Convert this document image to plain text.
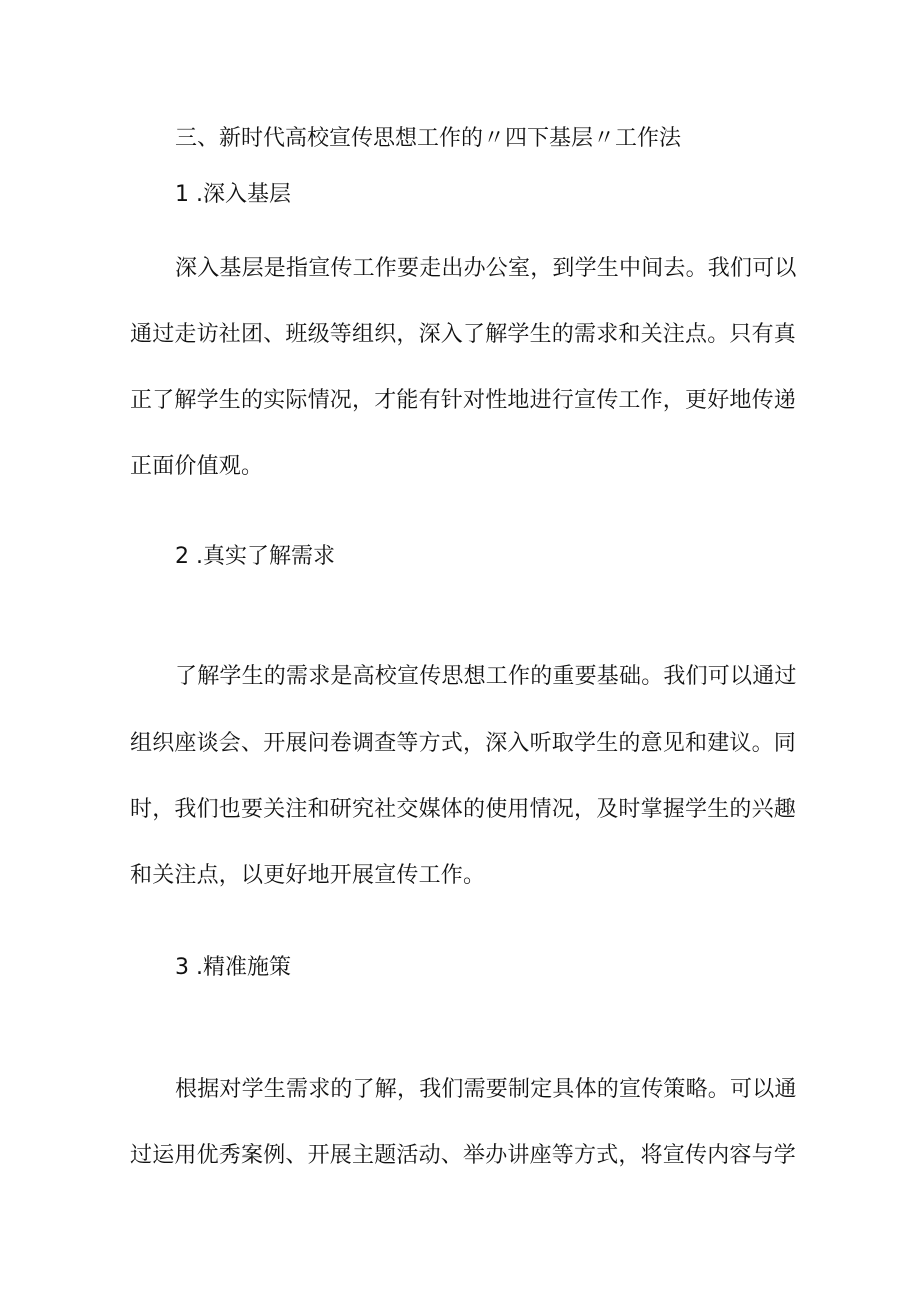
三、新时代高校宣传思想工作的〃四下基层〃工作法

1 .深入基层

深入基层是指宣传工作要走出办公室，到学生中间去。我们可以

通过走访社团、班级等组织，深入了解学生的需求和关注点。只有真

正了解学生的实际情况，才能有针对性地进行宣传工作，更好地传递

正面价值观。

2 .真实了解需求

了解学生的需求是高校宣传思想工作的重要基础。我们可以通过

组织座谈会、开展问卷调查等方式，深入听取学生的意见和建议。同

时，我们也要关注和研究社交媒体的使用情况，及时掌握学生的兴趣

和关注点，以更好地开展宣传工作。

3 .精准施策

根据对学生需求的了解，我们需要制定具体的宣传策略。可以通

过运用优秀案例、开展主题活动、举办讲座等方式，将宣传内容与学
